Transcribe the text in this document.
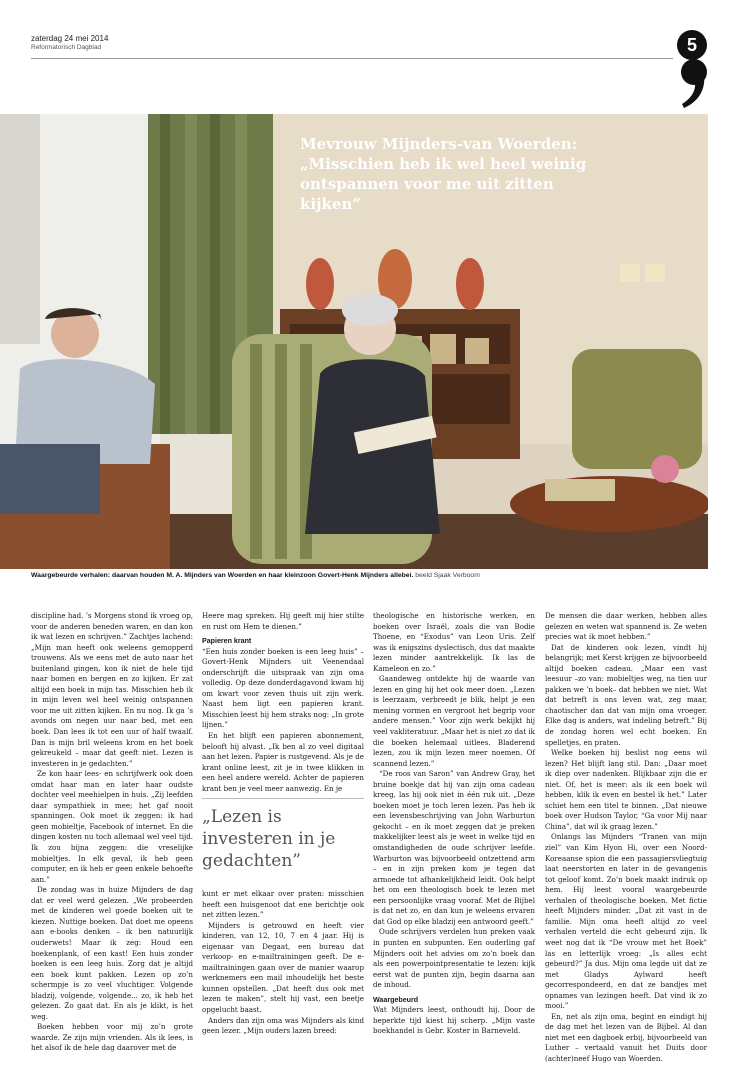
zaterdag 24 mei 2014
Reformatorisch Dagblad	5
Mevrouw Mijnders-van Woerden: „Misschien heb ik wel heel weinig ontspannen voor me uit zitten kijken”
Waargebeurde verhalen: daarvan houden M. A. Mijnders van Woerden en haar kleinzoon Govert-Henk Mijnders allebei. beeld Sjaak Verboom

discipline had. ’s Morgens stond ik vroeg op, voor de anderen beneden waren, en dan kon ik wat lezen en schrijven.” Zachtjes lachend: „Mijn man heeft ook weleens gemopperd trouwens. Als we eens met de auto naar het buitenland gingen, kon ik niet de hele tijd naar bomen en bergen en zo kijken. Er zat altijd een boek in mijn tas. Misschien heb ik in mijn leven wel heel weinig ontspannen voor me uit zitten kijken. En nu nog. Ik ga ’s avonds om negen uur naar bed, met een boek. Dan lees ik tot een uur of half twaalf. Dan is mijn bril weleens krom en het boek gekreukeld – maar dat geeft niet. Lezen is investeren in je gedachten.”

Ze kon haar lees- en schrijfwerk ook doen omdat haar man en later haar oudste dochter veel meehielpen in huis. „Zij leefden daar sympathiek in mee; het gaf nooit spanningen. Ook moet ik zeggen: ik had geen mobieltje, Facebook of internet. En die dingen kosten nu toch allemaal wel veel tijd. Ik zou bijna zeggen: die vreselijke mobieltjes. In elk geval, ik heb geen computer, en ik heb er geen enkele behoefte aan.”

De zondag was in huize Mijnders de dag dat er veel werd gelezen. „We probeerden met de kinderen wel goede boeken uit te kiezen. Nuttige boeken. Dat doet me opeens aan e-books denken – ik ben natuurlijk ouderwets! Maar ik zeg: Houd een boekenplank, of een kast! Een huis zonder boeken is een leeg huis. Zorg dat je altijd een boek kunt pakken. Lezen op zo’n schermpje is zo veel vluchtiger. Volgende bladzij, volgende, volgende... zo, ik heb het gelezen. Zo gaat dat. En als je klikt, is het weg.

Boeken hebben voor mij zo’n grote waarde. Ze zijn mijn vrienden. Als ik lees, is het alsof ik de hele dag daarover met de

Heere mag spreken. Hij geeft mij hier stilte en rust om Hem te dienen.”

Papieren krant

“Een huis zonder boeken is een leeg huis” – Govert-Henk Mijnders uit Veenendaal onderschrijft die uitspraak van zijn oma volledig. Op deze donderdagavond kwam hij om kwart voor zeven thuis uit zijn werk. Naast hem ligt een papieren krant. Misschien leest hij hem straks nog: „In grote lijnen.”

En het blijft een papieren abonnement, belooft hij alvast. „Ik ben al zo veel digitaal aan het lezen. Papier is rustgevend. Als je de krant online leest, zit je in twee klikken in een heel andere wereld. Achter de papieren krant ben je veel meer aanwezig. En je

„Lezen is investeren in je gedachten”

kunt er met elkaar over praten: misschien heeft een huisgenoot dat ene berichtje ook net zitten lezen.”

Mijnders is getrouwd en heeft vier kinderen, van 12, 10, 7 en 4 jaar. Hij is eigenaar van Degaat, een bureau dat verkoop- en e-mailtrainingen geeft. De e-mailtrainingen gaan over de manier waarop werknemers een mail inhoudelijk het beste kunnen opstellen. „Dat heeft dus ook met lezen te maken”, stelt hij vast, een beetje opgelucht baast.

Anders dan zijn oma was Mijnders als kind geen lezer. „Mijn ouders lazen breed:

theologische en historische werken, en boeken over Israël, zoals die van Bodie Thoene, en “Exodus” van Leon Uris. Zelf was ik enigszins dyslectisch, dus dat maakte lezen minder aantrekkelijk. Ik las de Kameleon en zo.”

Gaandeweg ontdekte hij de waarde van lezen en ging hij het ook meer doen. „Lezen is leerzaam, verbreedt je blik, helpt je een mening vormen en vergroot het begrip voor andere mensen.” Voor zijn werk bekijkt hij veel vakliteratuur. „Maar het is niet zo dat ik die boeken helemaal uitlees. Bladerend lezen, zou ik mijn lezen meer noemen. Of scannend lezen.”

“De roos van Saron” van Andrew Gray, het bruine boekje dat hij van zijn oma cadeau kreeg, las hij ook niet in één ruk uit. „Deze boeken moet je toch leren lezen. Pas heb ik een levensbeschrijving van John Warburton gekocht – en ik moet zeggen dat je preken makkelijker leest als je weet in welke tijd en omstandigheden de oude schrijver leefde. Warburton was bijvoorbeeld ontzettend arm – en in zijn preken kom je tegen dat armoede tot afhankelijkheid leidt. Ook helpt het om een theologisch boek te lezen met een persoonlijke vraag vooraf. Met de Bijbel is dat net zo, en dan kun je weleens ervaren dat God op elke bladzij een antwoord geeft.”

Oude schrijvers verdelen hun preken vaak in punten en subpunten. Een ouderling gaf Mijnders ooit het advies om zo’n boek dan als een powerpointpresentatie te lezen: kijk eerst wat de punten zijn, begin daarna aan de inhoud.

Waargebeurd

Wat Mijnders leest, onthoudt hij. Door de beperkte tijd kiest hij scherp. „Mijn vaste boekhandel is Gebr. Koster in Barneveld.

De mensen die daar werken, hebben alles gelezen en weten wat spannend is. Ze weten precies wat ik moet hebben.”

Dat de kinderen ook lezen, vindt hij belangrijk; met Kerst krijgen ze bijvoorbeeld altijd boeken cadeau. „Maar een vast leesuur –zo van: mobieltjes weg, na tien uur pakken we ’n boek– dat hebben we niet. Wat dat betreft is ons leven wat, zeg maar, chaotischer dan dat van mijn oma vroeger. Elke dag is anders, wat indeling betreft.” Bij de zondag horen wel echt boeken. En spelletjes, en praten.

Welke boeken hij beslist nog eens wil lezen? Het blijft lang stil. Dan: „Daar moet ik diep over nadenken. Blijkbaar zijn die er niet. Of, het is meer: als ik een boek wil hebben, klik ik even en bestel ik het.” Later schiet hem een titel te binnen. „Dat nieuwe boek over Hudson Taylor, “Ga voor Mij naar China”, dat wil ik graag lezen.”

Onlangs las Mijnders “Tranen van mijn ziel” van Kim Hyon Hi, over een Noord-Koreaanse spion die een passagiersvliegtuig laat neerstorten en later in de gevangenis tot geloof komt. Zo’n boek maakt indruk op hem. Hij leest vooral waargebeurde verhalen of theologische boeken. Met fictie heeft Mijnders minder. „Dat zit vast in de familie. Mijn oma heeft altijd zo veel verhalen verteld die echt gebeurd zijn. Ik weet nog dat ik “De vrouw met het Boek” las en letterlijk vroeg: „Is alles echt gebeurd?” Ja dus. Mijn oma legde uit dat ze met Gladys Aylward heeft gecorrespondeerd, en dat ze bandjes met opnames van lezingen heeft. Dat vind ik zo mooi.”

En, net als zijn oma, begint en eindigt hij de dag met het lezen van de Bijbel. Al dan niet met een dagboek erbij, bijvoorbeeld van Luther – vertaald vanuit het Duits door (achter)neef Hugo van Woerden.
